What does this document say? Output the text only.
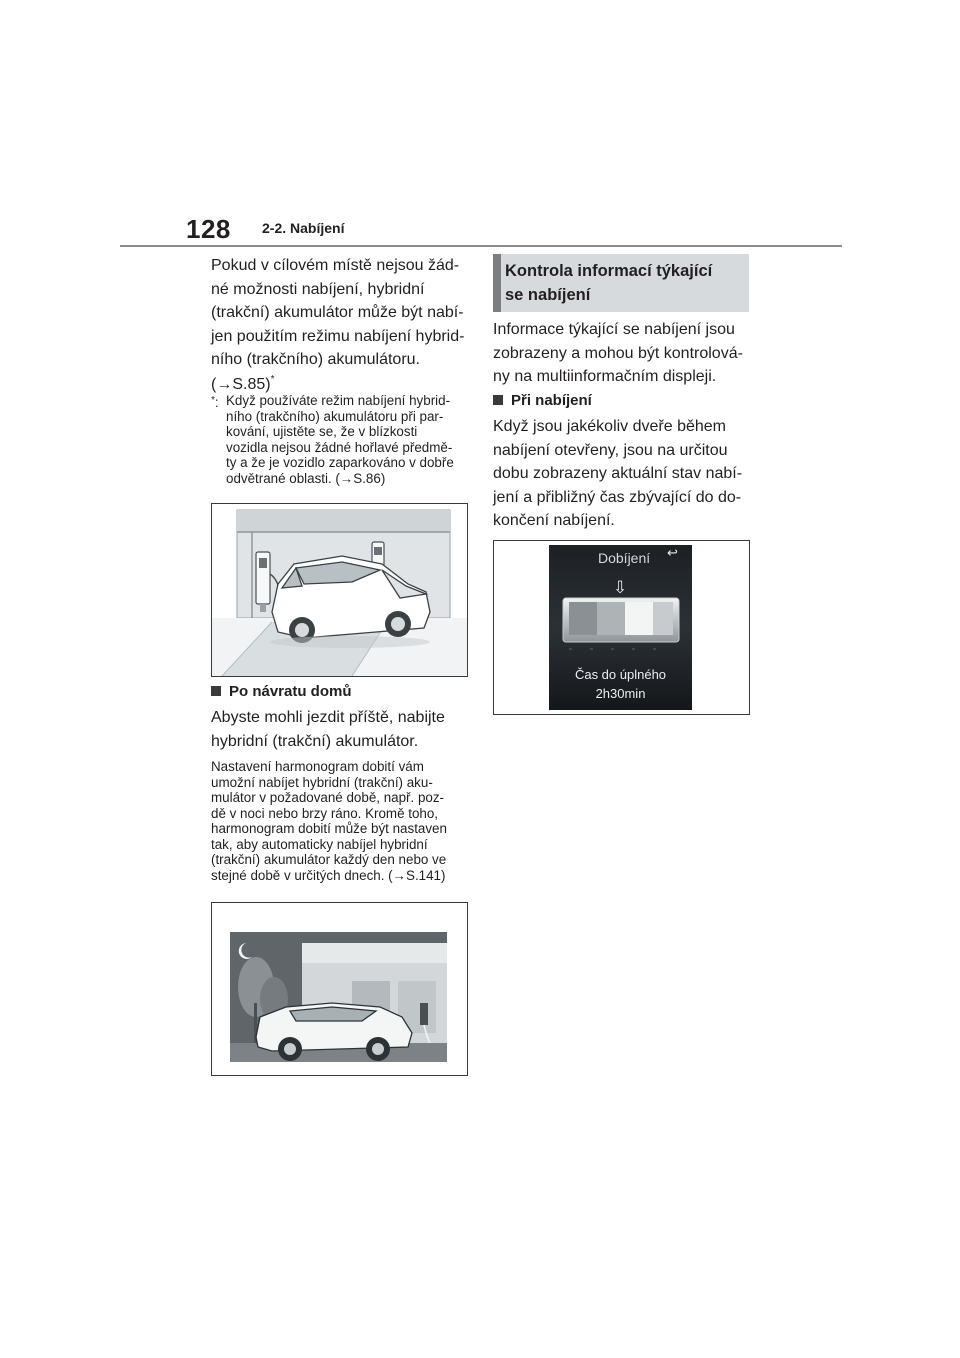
128 2-2. Nabíjení
Pokud v cílovém místě nejsou žád-
né možnosti nabíjení, hybridní
(trakční) akumulátor může být nabí-
jen použitím režimu nabíjení hybrid-
ního (trakčního) akumulátoru.
(→S.85)*
*: Když používáte režim nabíjení hybrid-
ního (trakčního) akumulátoru při par-
kování, ujistěte se, že v blízkosti
vozidla nejsou žádné hořlavé předmě-
ty a že je vozidlo zaparkováno v dobře
odvětrané oblasti. (→S.86)
Po návratu domů
Abyste mohli jezdit příště, nabijte
hybridní (trakční) akumulátor.
Nastavení harmonogram dobití vám
umožní nabíjet hybridní (trakční) aku-
mulátor v požadované době, např. poz-
dě v noci nebo brzy ráno. Kromě toho,
harmonogram dobití může být nastaven
tak, aby automaticky nabíjel hybridní
(trakční) akumulátor každý den nebo ve
stejné době v určitých dnech. (→S.141)
Kontrola informací týkající
se nabíjení
Informace týkající se nabíjení jsou
zobrazeny a mohou být kontrolová-
ny na multiinformačním displeji.
Při nabíjení
Když jsou jakékoliv dveře během
nabíjení otevřeny, jsou na určitou
dobu zobrazeny aktuální stav nabí-
jení a přibližný čas zbývající do do-
končení nabíjení.
Dobíjení ↩
⇩
Čas do úplného
2h30min
